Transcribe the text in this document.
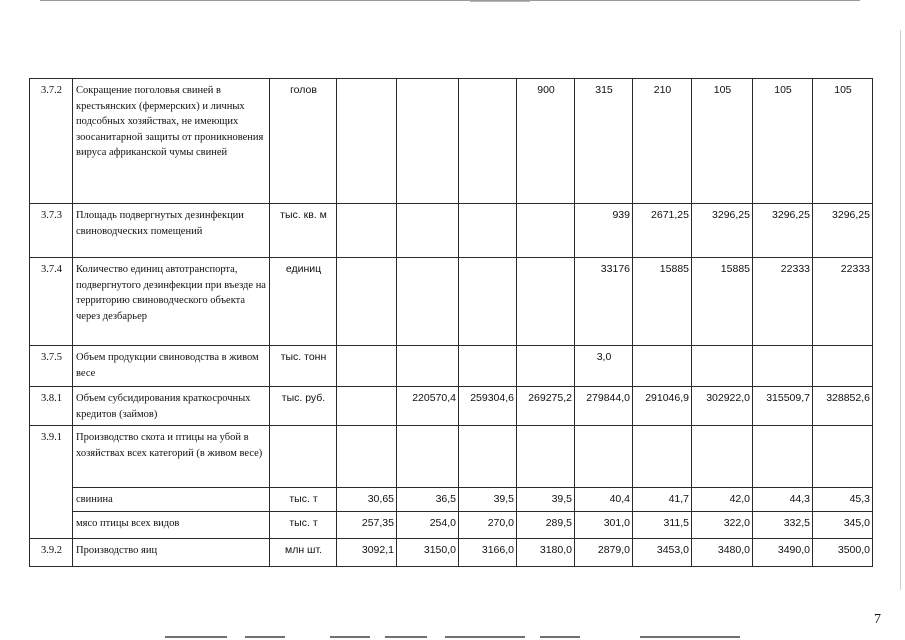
3.7.2	Сокращение поголовья свиней в крестьянских (фермерских) и личных подсобных хозяйствах, не имеющих зоосанитарной защиты от проникновения вируса африканской чумы свиней	голов				900	315	210	105	105	105
3.7.3	Площадь подвергнутых дезинфекции свиноводческих помещений	тыс. кв. м					939	2671,25	3296,25	3296,25	3296,25
3.7.4	Количество единиц автотранспорта, подвергнутого дезинфекции при въезде на территорию свиноводческого объекта через дезбарьер	единиц					33176	15885	15885	22333	22333
3.7.5	Объем продукции свиноводства в живом весе	тыс. тонн					3,0				
3.8.1	Объем субсидирования краткосрочных кредитов (займов)	тыс. руб.		220570,4	259304,6	269275,2	279844,0	291046,9	302922,0	315509,7	328852,6
3.9.1	Производство скота и птицы на убой в хозяйствах всех категорий (в живом весе)										
	свинина	тыс. т	30,65	36,5	39,5	39,5	40,4	41,7	42,0	44,3	45,3
	мясо птицы всех видов	тыс. т	257,35	254,0	270,0	289,5	301,0	311,5	322,0	332,5	345,0
3.9.2	Производство яиц	млн шт.	3092,1	3150,0	3166,0	3180,0	2879,0	3453,0	3480,0	3490,0	3500,0
7
